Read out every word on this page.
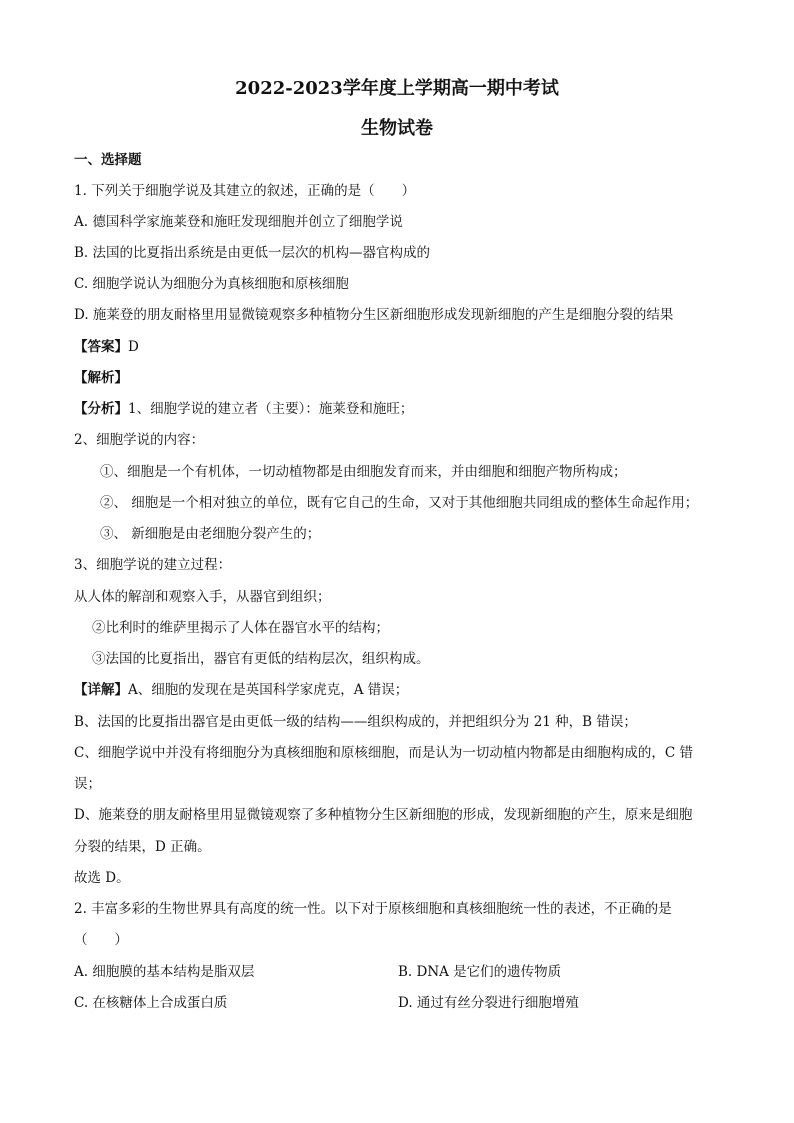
2022-2023学年度上学期高一期中考试
生物试卷
一、选择题
1. 下列关于细胞学说及其建立的叙述，正确的是（　　）
A. 德国科学家施莱登和施旺发现细胞并创立了细胞学说
B. 法国的比夏指出系统是由更低一层次的机构—器官构成的
C. 细胞学说认为细胞分为真核细胞和原核细胞
D. 施莱登的朋友耐格里用显微镜观察多种植物分生区新细胞形成发现新细胞的产生是细胞分裂的结果
【答案】D
【解析】
【分析】1、细胞学说的建立者（主要）：施莱登和施旺；
2、细胞学说的内容：
①、细胞是一个有机体，一切动植物都是由细胞发育而来，并由细胞和细胞产物所构成；
②、 细胞是一个相对独立的单位，既有它自己的生命，又对于其他细胞共同组成的整体生命起作用；
③、 新细胞是由老细胞分裂产生的；
3、细胞学说的建立过程：
从人体的解剖和观察入手，从器官到组织；
②比利时的维萨里揭示了人体在器官水平的结构；
③法国的比夏指出，器官有更低的结构层次，组织构成。
【详解】A、细胞的发现在是英国科学家虎克，A 错误；
B、法国的比夏指出器官是由更低一级的结构——组织构成的，并把组织分为 21 种，B 错误；
C、细胞学说中并没有将细胞分为真核细胞和原核细胞，而是认为一切动植内物都是由细胞构成的，C 错
误；
D、施莱登的朋友耐格里用显微镜观察了多种植物分生区新细胞的形成，发现新细胞的产生，原来是细胞
分裂的结果，D 正确。
故选 D。
2. 丰富多彩的生物世界具有高度的统一性。以下对于原核细胞和真核细胞统一性的表述，不正确的是
（　　）
A. 细胞膜的基本结构是脂双层	B. DNA 是它们的遗传物质
C. 在核糖体上合成蛋白质	D. 通过有丝分裂进行细胞增殖
